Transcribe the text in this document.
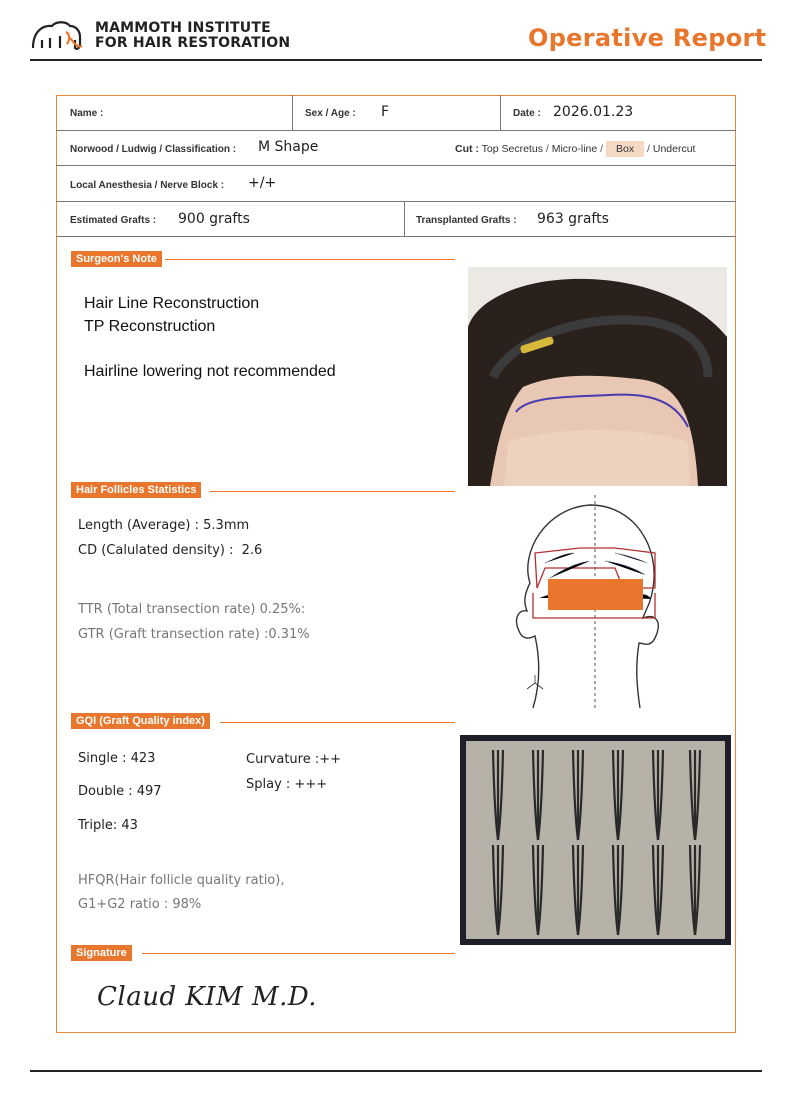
MAMMOTH INSTITUTE
FOR HAIR RESTORATION	Operative Report
Name :	Sex / Age : F	Date : 2026.01.23
Norwood / Ludwig / Classification : M Shape	Cut : Top Secretus / Micro-line / Box / Undercut
Local Anesthesia / Nerve Block : +/+
Estimated Grafts : 900 grafts	Transplanted Grafts : 963 grafts
Surgeon's Note
Hair Line Reconstruction
TP Reconstruction
Hairline lowering not recommended
Hair Follicles Statistics
Length (Average) : 5.3mm
CD (Calulated density) : 2.6
TTR (Total transection rate) 0.25%:
GTR (Graft transection rate) :0.31%
GQI (Graft Quality index)
Single : 423
Double : 497
Triple: 43
Curvature :++
Splay : +++
HFQR(Hair follicle quality ratio),
G1+G2 ratio : 98%
Signature
Claud KIM M.D.
